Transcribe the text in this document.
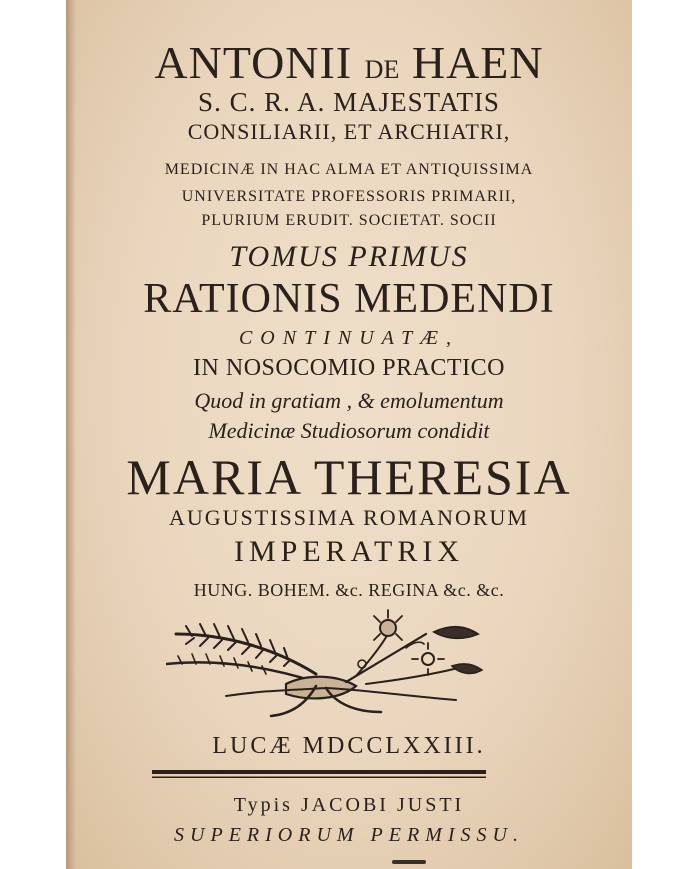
ANTONII DE HAEN
S. C. R. A. MAJESTATIS
CONSILIARII, ET ARCHIATRI,
MEDICINÆ IN HAC ALMA ET ANTIQUISSIMA
UNIVERSITATE PROFESSORIS PRIMARII,
PLURIUM ERUDIT. SOCIETAT. SOCII
TOMUS PRIMUS
RATIONIS MEDENDI
CONTINUATÆ,
IN NOSOCOMIO PRACTICO
Quod in gratiam , & emolumentum
Medicinæ Studiosorum condidit
MARIA THERESIA
AUGUSTISSIMA ROMANORUM
IMPERATRIX
HUNG. BOHEM. &c. REGINA &c. &c.
LUCÆ MDCCLXXIII.
Typis JACOBI JUSTI
SUPERIORUM PERMISSU.
